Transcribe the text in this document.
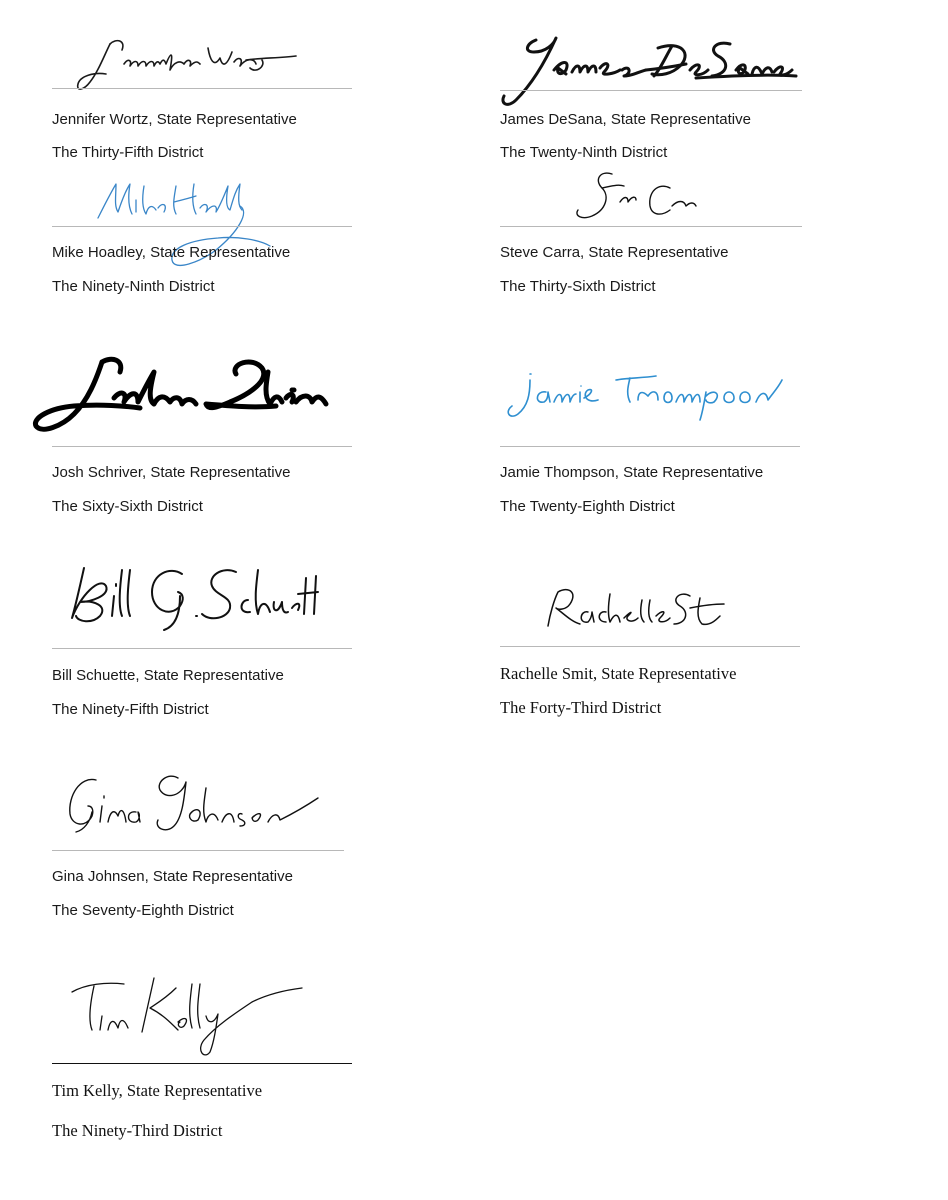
Jennifer Wortz, State Representative
The Thirty-Fifth District
Mike Hoadley, State Representative
The Ninety-Ninth District
Josh Schriver, State Representative
The Sixty-Sixth District
Bill Schuette, State Representative
The Ninety-Fifth District
Gina Johnsen, State Representative
The Seventy-Eighth District
Tim Kelly, State Representative
The Ninety-Third District
James DeSana, State Representative
The Twenty-Ninth District
Steve Carra, State Representative
The Thirty-Sixth District
Jamie Thompson, State Representative
The Twenty-Eighth District
Rachelle Smit, State Representative
The Forty-Third District
